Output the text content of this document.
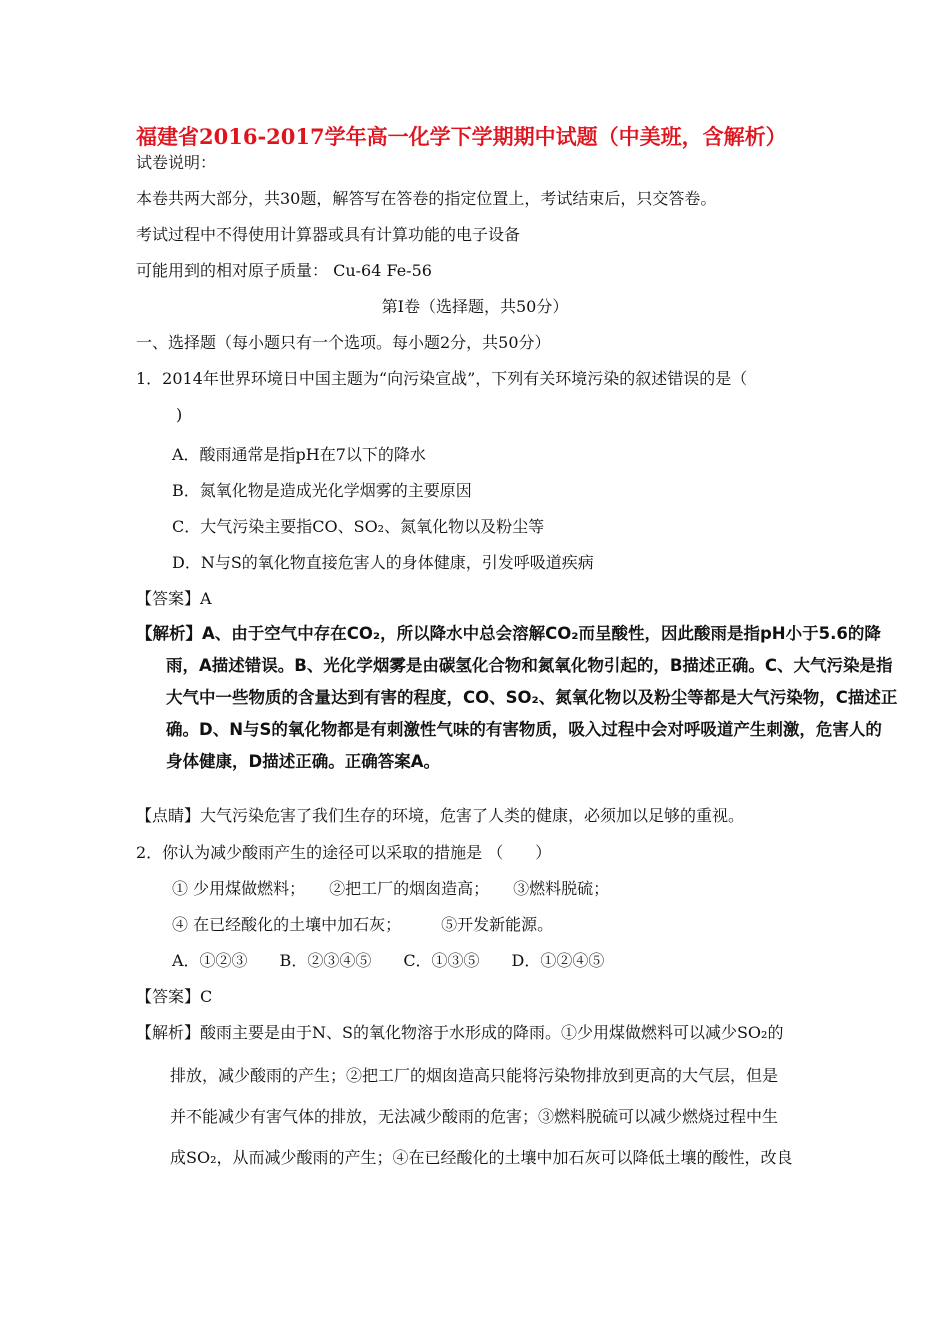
福建省2016-2017学年高一化学下学期期中试题（中美班，含解析）
试卷说明：
本卷共两大部分，共30题，解答写在答卷的指定位置上，考试结束后，只交答卷。
考试过程中不得使用计算器或具有计算功能的电子设备
可能用到的相对原子质量： Cu-64 Fe-56
第Ⅰ卷（选择题，共50分）
一、选择题（每小题只有一个选项。每小题2分，共50分）
1．2014年世界环境日中国主题为“向污染宣战”，下列有关环境污染的叙述错误的是（
)
A．酸雨通常是指pH在7以下的降水
B．氮氧化物是造成光化学烟雾的主要原因
C．大气污染主要指CO、SO₂、氮氧化物以及粉尘等
D．N与S的氧化物直接危害人的身体健康，引发呼吸道疾病
【答案】A
【解析】A、由于空气中存在CO₂，所以降水中总会溶解CO₂而呈酸性，因此酸雨是指pH小于5.6的降
雨，A描述错误。B、光化学烟雾是由碳氢化合物和氮氧化物引起的，B描述正确。C、大气污染是指
大气中一些物质的含量达到有害的程度，CO、SO₂、氮氧化物以及粉尘等都是大气污染物，C描述正
确。D、N与S的氧化物都是有刺激性气味的有害物质，吸入过程中会对呼吸道产生刺激，危害人的
身体健康，D描述正确。正确答案A。
【点睛】大气污染危害了我们生存的环境，危害了人类的健康，必须加以足够的重视。
2．你认为减少酸雨产生的途径可以采取的措施是 （　　）
① 少用煤做燃料；　　②把工厂的烟囱造高；　　③燃料脱硫；
④ 在已经酸化的土壤中加石灰；　　　⑤开发新能源。
A．①②③　　B．②③④⑤　　C．①③⑤　　D．①②④⑤
【答案】C
【解析】酸雨主要是由于N、S的氧化物溶于水形成的降雨。①少用煤做燃料可以减少SO₂的
排放，减少酸雨的产生；②把工厂的烟囱造高只能将污染物排放到更高的大气层，但是
并不能减少有害气体的排放，无法减少酸雨的危害；③燃料脱硫可以减少燃烧过程中生
成SO₂，从而减少酸雨的产生；④在已经酸化的土壤中加石灰可以降低土壤的酸性，改良
